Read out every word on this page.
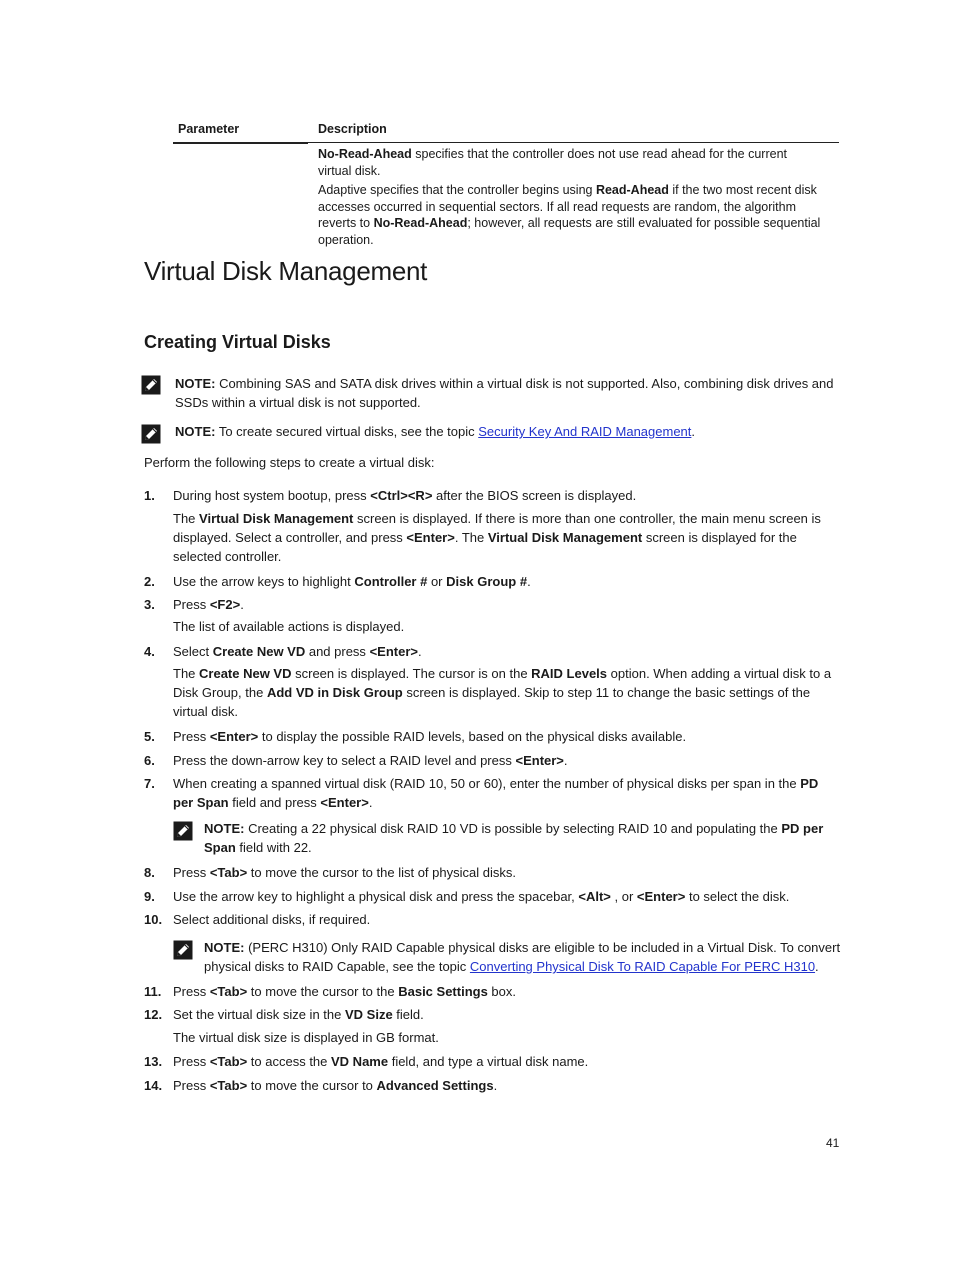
Parameter	Description
No-Read-Ahead specifies that the controller does not use read ahead for the current virtual disk.
Adaptive specifies that the controller begins using Read-Ahead if the two most recent disk accesses occurred in sequential sectors. If all read requests are random, the algorithm reverts to No-Read-Ahead; however, all requests are still evaluated for possible sequential operation.
Virtual Disk Management
Creating Virtual Disks
NOTE: Combining SAS and SATA disk drives within a virtual disk is not supported. Also, combining disk drives and SSDs within a virtual disk is not supported.
NOTE: To create secured virtual disks, see the topic Security Key And RAID Management.
Perform the following steps to create a virtual disk:
1. During host system bootup, press <Ctrl><R> after the BIOS screen is displayed.
The Virtual Disk Management screen is displayed. If there is more than one controller, the main menu screen is displayed. Select a controller, and press <Enter>. The Virtual Disk Management screen is displayed for the selected controller.
2. Use the arrow keys to highlight Controller # or Disk Group #.
3. Press <F2>.
The list of available actions is displayed.
4. Select Create New VD and press <Enter>.
The Create New VD screen is displayed. The cursor is on the RAID Levels option. When adding a virtual disk to a Disk Group, the Add VD in Disk Group screen is displayed. Skip to step 11 to change the basic settings of the virtual disk.
5. Press <Enter> to display the possible RAID levels, based on the physical disks available.
6. Press the down-arrow key to select a RAID level and press <Enter>.
7. When creating a spanned virtual disk (RAID 10, 50 or 60), enter the number of physical disks per span in the PD per Span field and press <Enter>.
NOTE: Creating a 22 physical disk RAID 10 VD is possible by selecting RAID 10 and populating the PD per Span field with 22.
8. Press <Tab> to move the cursor to the list of physical disks.
9. Use the arrow key to highlight a physical disk and press the spacebar, <Alt> , or <Enter> to select the disk.
10. Select additional disks, if required.
NOTE: (PERC H310) Only RAID Capable physical disks are eligible to be included in a Virtual Disk. To convert physical disks to RAID Capable, see the topic Converting Physical Disk To RAID Capable For PERC H310.
11. Press <Tab> to move the cursor to the Basic Settings box.
12. Set the virtual disk size in the VD Size field.
The virtual disk size is displayed in GB format.
13. Press <Tab> to access the VD Name field, and type a virtual disk name.
14. Press <Tab> to move the cursor to Advanced Settings.
41
